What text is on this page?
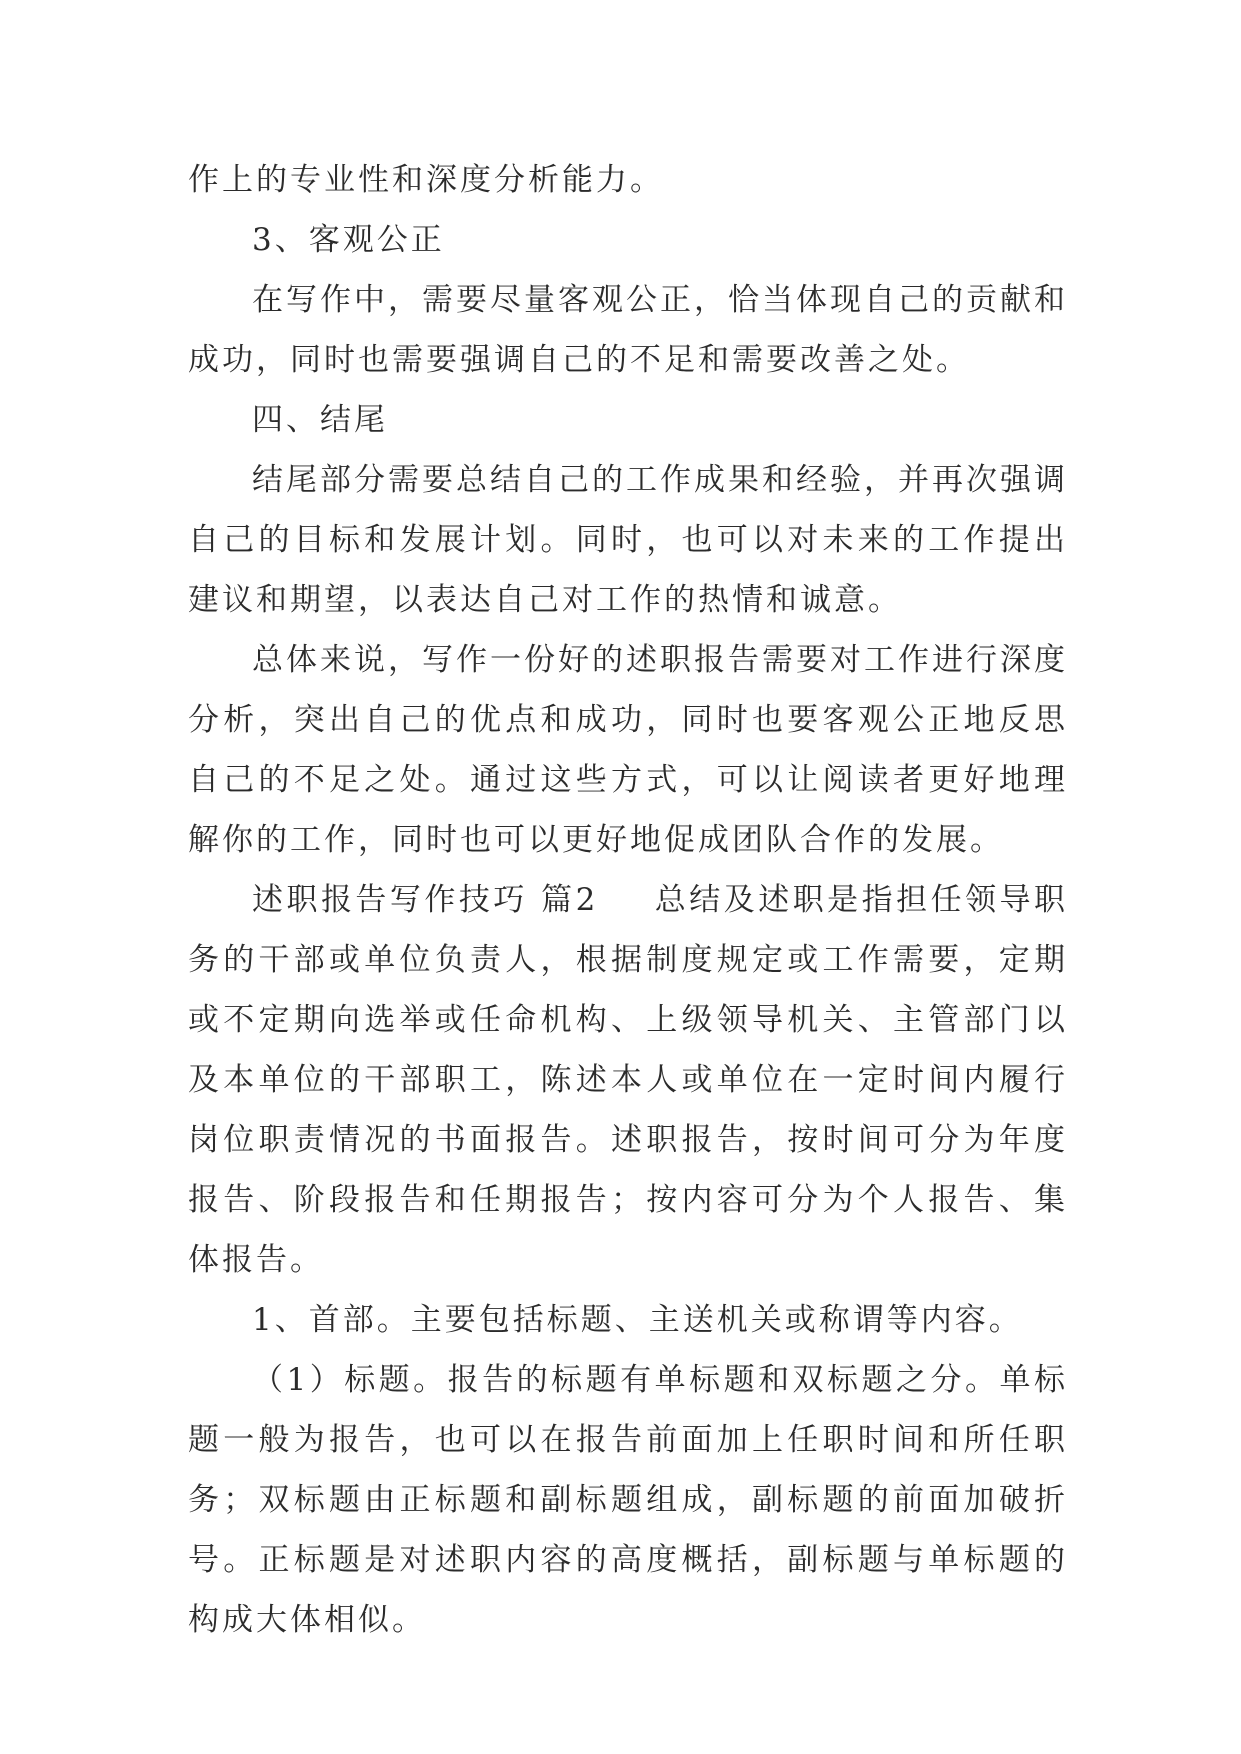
作上的专业性和深度分析能力。

3、客观公正

在写作中，需要尽量客观公正，恰当体现自己的贡献和成功，同时也需要强调自己的不足和需要改善之处。

四、结尾

结尾部分需要总结自己的工作成果和经验，并再次强调自己的目标和发展计划。同时，也可以对未来的工作提出建议和期望，以表达自己对工作的热情和诚意。

总体来说，写作一份好的述职报告需要对工作进行深度分析，突出自己的优点和成功，同时也要客观公正地反思自己的不足之处。通过这些方式，可以让阅读者更好地理解你的工作，同时也可以更好地促成团队合作的发展。

述职报告写作技巧 篇2 总结及述职是指担任领导职务的干部或单位负责人，根据制度规定或工作需要，定期或不定期向选举或任命机构、上级领导机关、主管部门以及本单位的干部职工，陈述本人或单位在一定时间内履行岗位职责情况的书面报告。述职报告，按时间可分为年度报告、阶段报告和任期报告；按内容可分为个人报告、集体报告。

1、首部。主要包括标题、主送机关或称谓等内容。

（1）标题。报告的标题有单标题和双标题之分。单标题一般为报告，也可以在报告前面加上任职时间和所任职务；双标题由正标题和副标题组成，副标题的前面加破折号。正标题是对述职内容的高度概括，副标题与单标题的构成大体相似。
